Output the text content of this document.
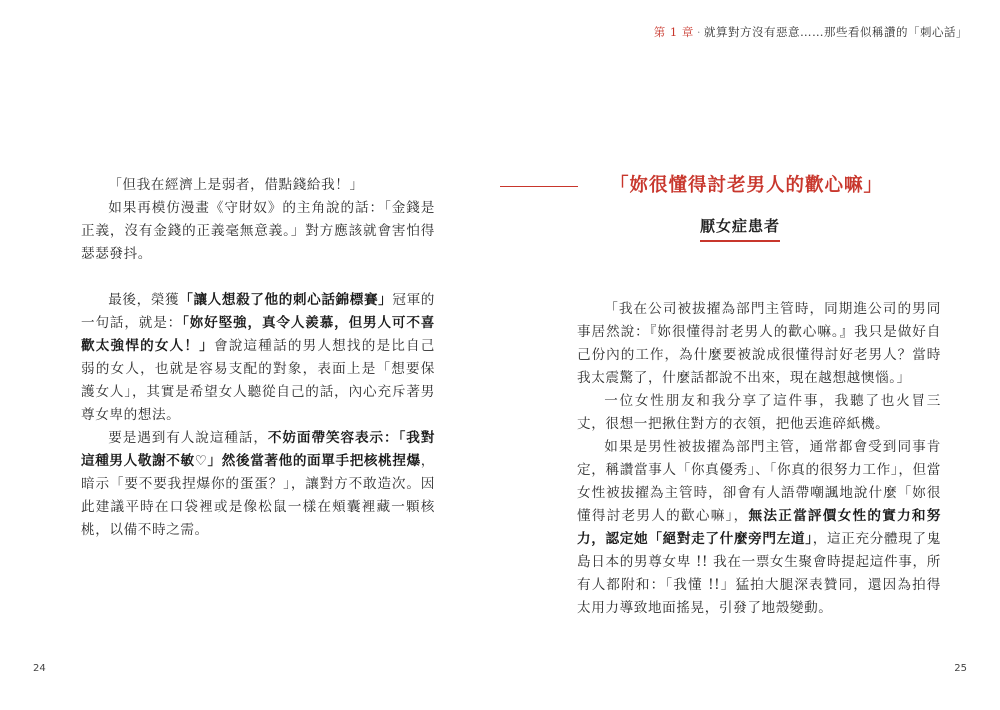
「但我在經濟上是弱者，借點錢給我！」

如果再模仿漫畫《守財奴》的主角說的話：「金錢是正義，沒有金錢的正義毫無意義。」對方應該就會害怕得瑟瑟發抖。

最後，榮獲「讓人想殺了他的刺心話錦標賽」冠軍的一句話，就是：「妳好堅強，真令人羨慕，但男人可不喜歡太強悍的女人！」會說這種話的男人想找的是比自己弱的女人，也就是容易支配的對象，表面上是「想要保護女人」，其實是希望女人聽從自己的話，內心充斥著男尊女卑的想法。

要是遇到有人說這種話，不妨面帶笑容表示：「我對這種男人敬謝不敏♡」然後當著他的面單手把核桃捏爆，暗示「要不要我捏爆你的蛋蛋？」，讓對方不敢造次。因此建議平時在口袋裡或是像松鼠一樣在頰囊裡藏一顆核桃，以備不時之需。

24
第 1 章 · 就算對方沒有惡意……那些看似稱讚的「刺心話」
「妳很懂得討老男人的歡心嘛」
厭女症患者

「我在公司被拔擢為部門主管時，同期進公司的男同事居然說：『妳很懂得討老男人的歡心嘛。』我只是做好自己份內的工作，為什麼要被說成很懂得討好老男人？當時我太震驚了，什麼話都說不出來，現在越想越懊惱。」

一位女性朋友和我分享了這件事，我聽了也火冒三丈，很想一把揪住對方的衣領，把他丟進碎紙機。

如果是男性被拔擢為部門主管，通常都會受到同事肯定，稱讚當事人「你真優秀」、「你真的很努力工作」，但當女性被拔擢為主管時，卻會有人語帶嘲諷地說什麼「妳很懂得討老男人的歡心嘛」，無法正當評價女性的實力和努力，認定她「絕對走了什麼旁門左道」，這正充分體現了鬼島日本的男尊女卑 !! 我在一票女生聚會時提起這件事，所有人都附和：「我懂 !!」猛拍大腿深表贊同，還因為拍得太用力導致地面搖晃，引發了地殼變動。

25
